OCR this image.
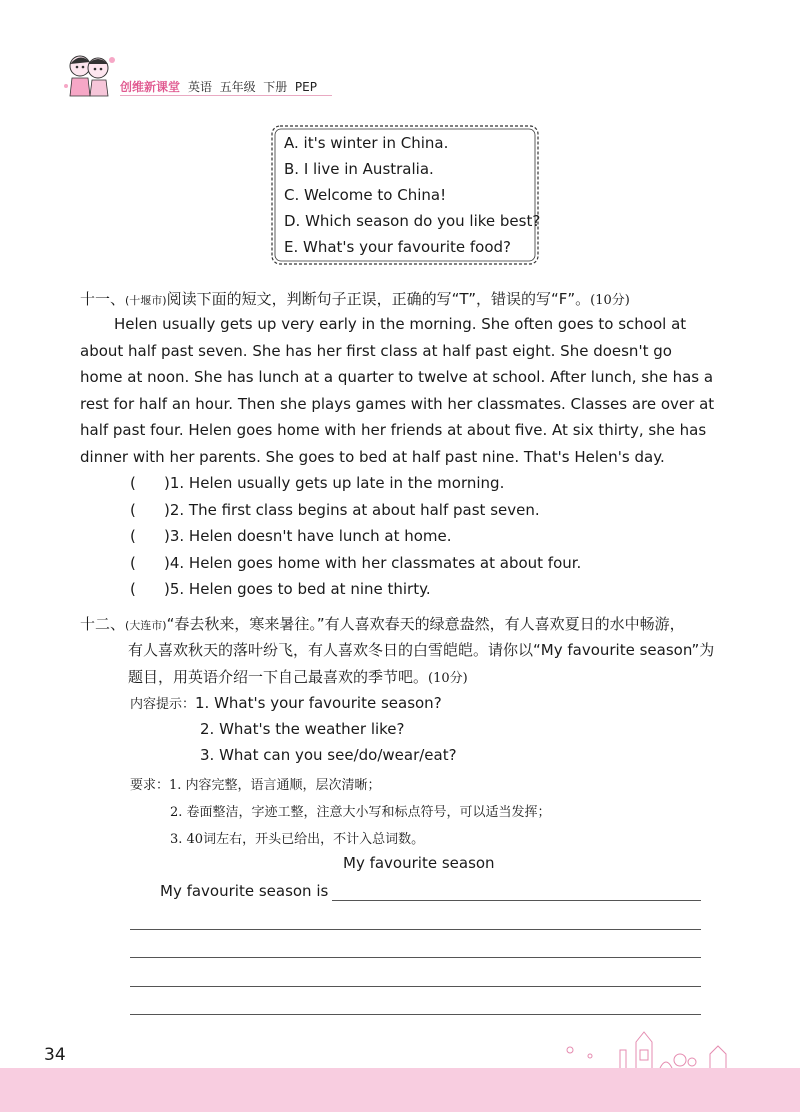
创维新课堂 英语  五年级  下册  PEP
A. it's winter in China.
B. I live in Australia.
C. Welcome to China!
D. Which season do you like best?
E. What's your favourite food?
十一、(十堰市)阅读下面的短文，判断句子正误，正确的写“T”，错误的写“F”。(10分)
Helen usually gets up very early in the morning. She often goes to school at
about half past seven. She has her first class at half past eight. She doesn't go
home at noon. She has lunch at a quarter to twelve at school. After lunch, she has a
rest for half an hour. Then she plays games with her classmates. Classes are over at
half past four. Helen goes home with her friends at about five. At six thirty, she has
dinner with her parents. She goes to bed at half past nine. That's Helen's day.
( )1. Helen usually gets up late in the morning.
( )2. The first class begins at about half past seven.
( )3. Helen doesn't have lunch at home.
( )4. Helen goes home with her classmates at about four.
( )5. Helen goes to bed at nine thirty.
十二、(大连市)“春去秋来，寒来暑往。”有人喜欢春天的绿意盎然，有人喜欢夏日的水中畅游，
有人喜欢秋天的落叶纷飞，有人喜欢冬日的白雪皑皑。请你以“My favourite season”为
题目，用英语介绍一下自己最喜欢的季节吧。(10分)
内容提示：1. What's your favourite season?
2. What's the weather like?
3. What can you see/do/wear/eat?
要求：1. 内容完整，语言通顺，层次清晰；
2. 卷面整洁，字迹工整，注意大小写和标点符号，可以适当发挥；
3. 40词左右，开头已给出，不计入总词数。
My favourite season
My favourite season is
34
